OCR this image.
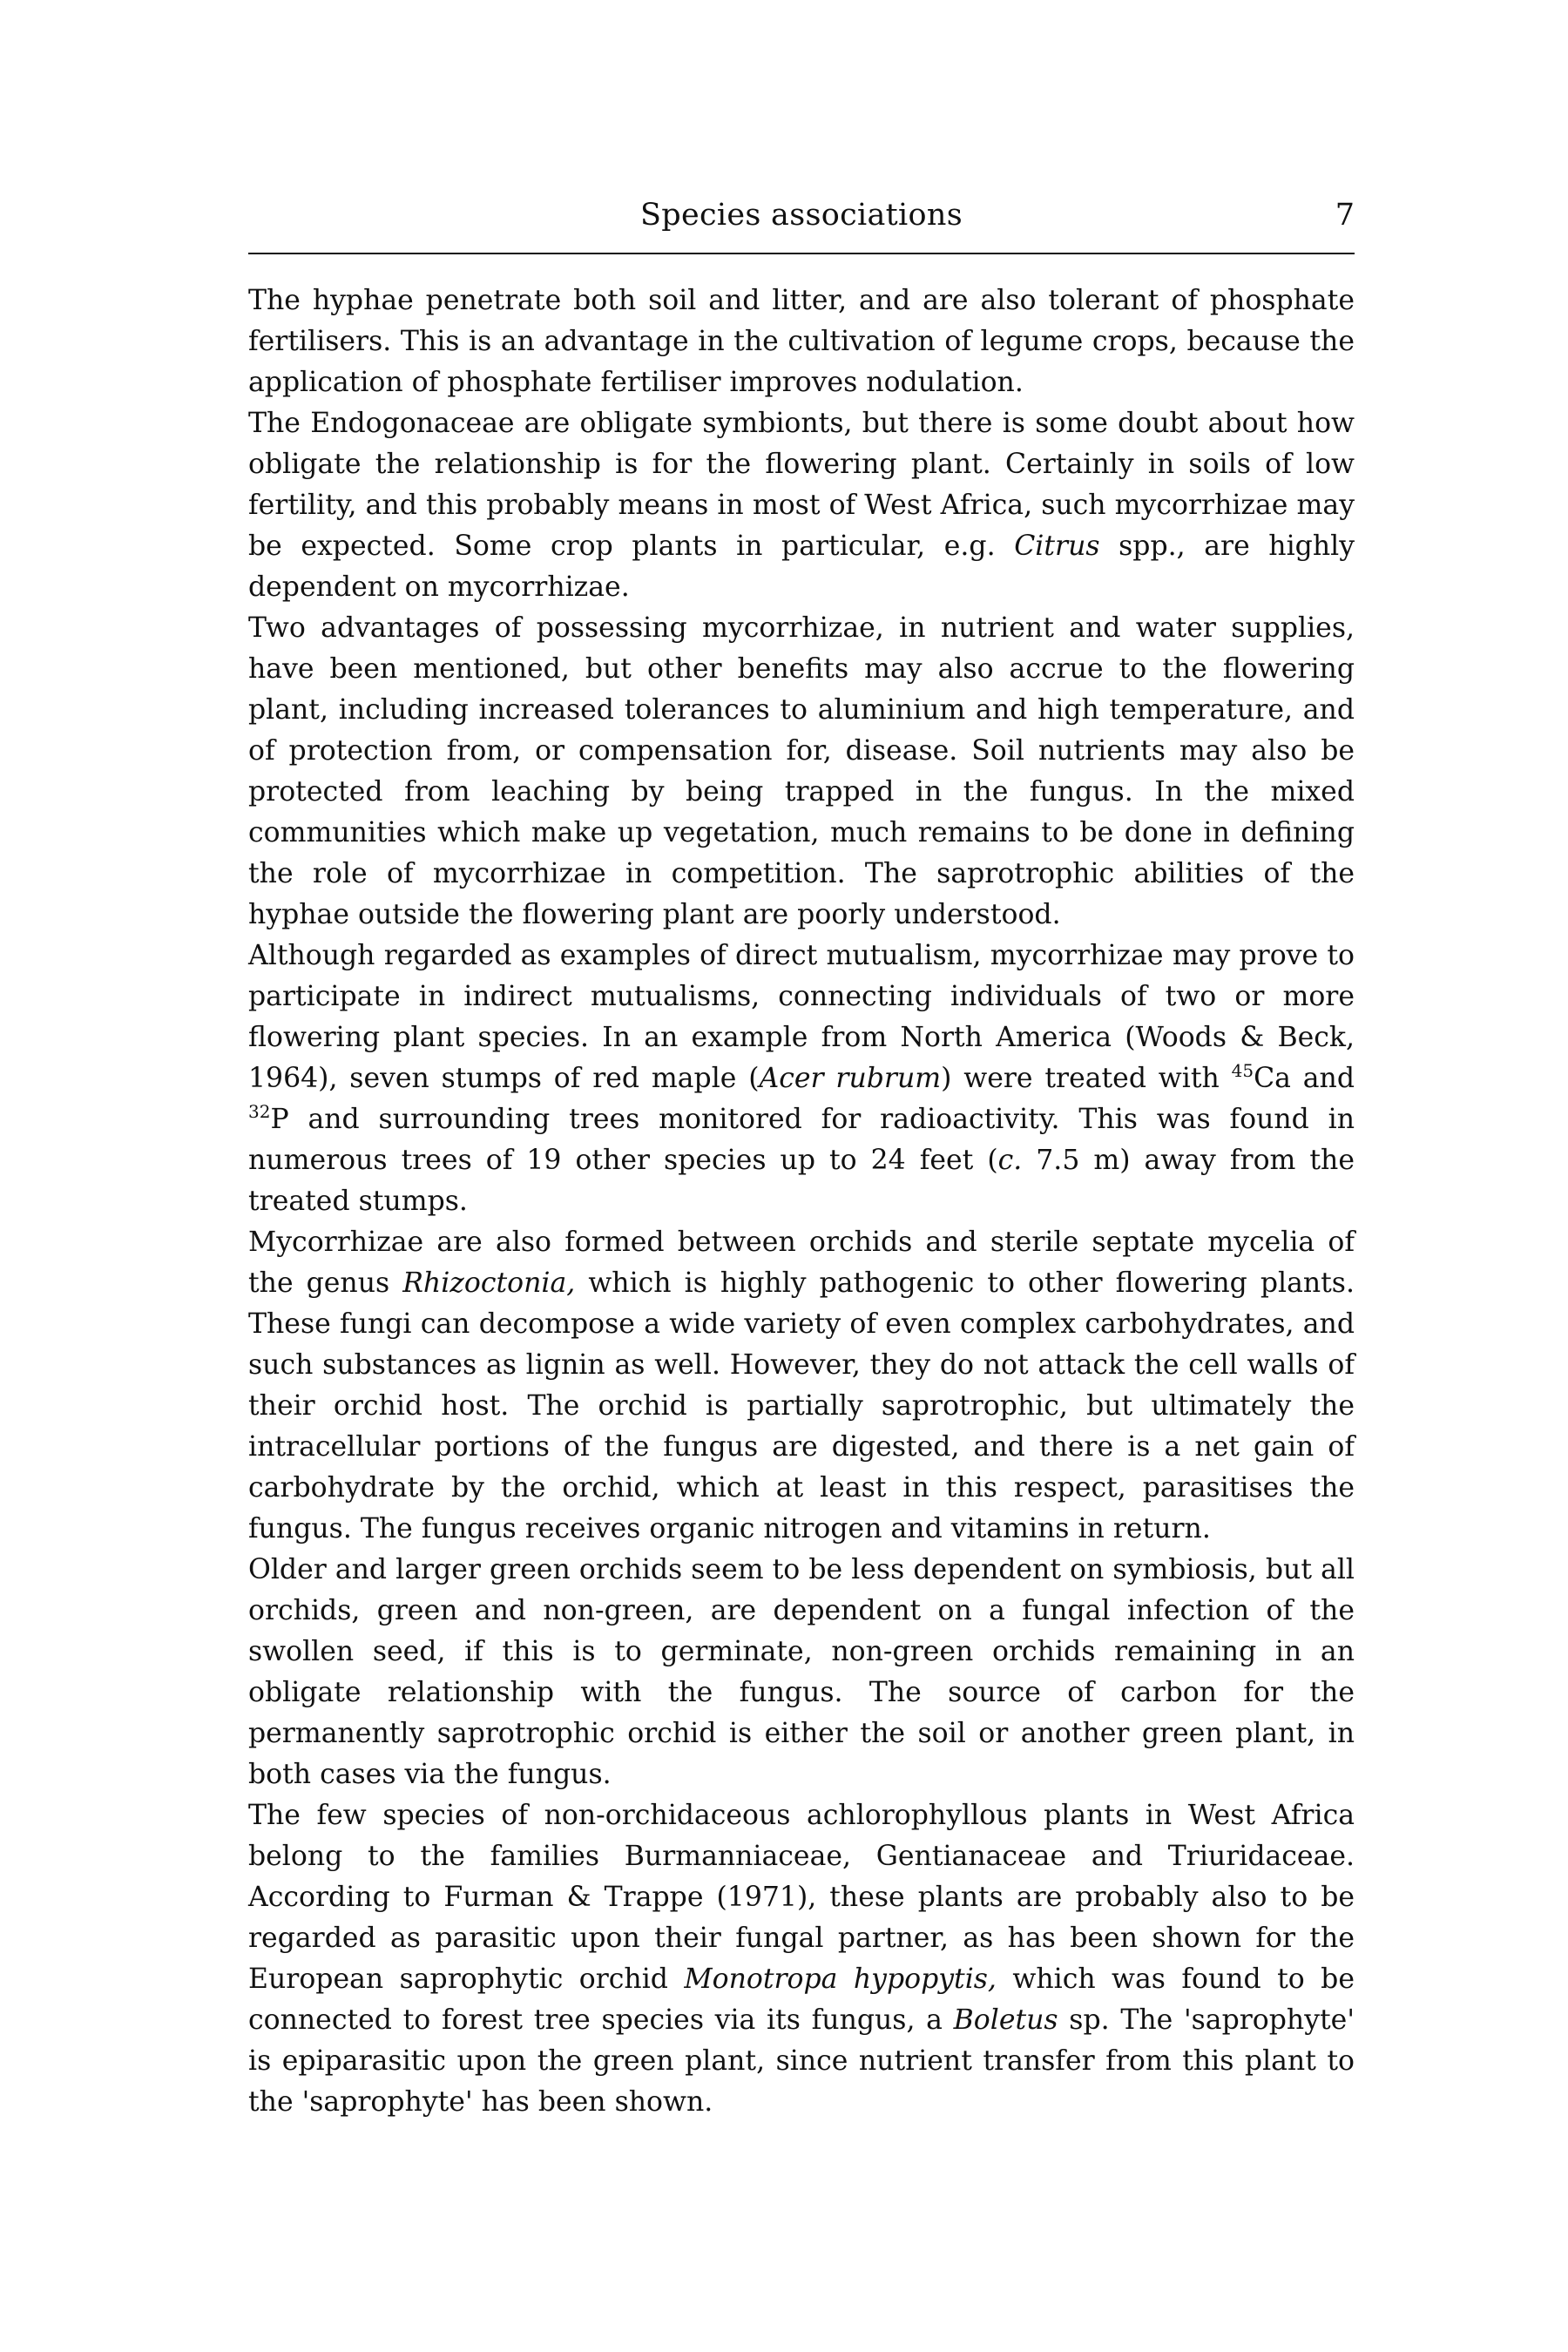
Species associations	7

The hyphae penetrate both soil and litter, and are also tolerant of phosphate fertilisers. This is an advantage in the cultivation of legume crops, because the application of phosphate fertiliser improves nodulation.

The Endogonaceae are obligate symbionts, but there is some doubt about how obligate the relationship is for the flowering plant. Certainly in soils of low fertility, and this probably means in most of West Africa, such mycorrhizae may be expected. Some crop plants in particular, e.g. Citrus spp., are highly dependent on mycorrhizae.

Two advantages of possessing mycorrhizae, in nutrient and water supplies, have been mentioned, but other benefits may also accrue to the flowering plant, including increased tolerances to aluminium and high temperature, and of protection from, or compensation for, disease. Soil nutrients may also be protected from leaching by being trapped in the fungus. In the mixed communities which make up vegetation, much remains to be done in defining the role of mycorrhizae in competition. The saprotrophic abilities of the hyphae outside the flowering plant are poorly understood.

Although regarded as examples of direct mutualism, mycorrhizae may prove to participate in indirect mutualisms, connecting individuals of two or more flowering plant species. In an example from North America (Woods & Beck, 1964), seven stumps of red maple (Acer rubrum) were treated with $^{45}$Ca and $^{32}$P and surrounding trees monitored for radioactivity. This was found in numerous trees of 19 other species up to 24 feet (c. 7.5 m) away from the treated stumps.

Mycorrhizae are also formed between orchids and sterile septate mycelia of the genus Rhizoctonia, which is highly pathogenic to other flowering plants. These fungi can decompose a wide variety of even complex carbohydrates, and such substances as lignin as well. However, they do not attack the cell walls of their orchid host. The orchid is partially saprotrophic, but ultimately the intracellular portions of the fungus are digested, and there is a net gain of carbohydrate by the orchid, which at least in this respect, parasitises the fungus. The fungus receives organic nitrogen and vitamins in return.

Older and larger green orchids seem to be less dependent on symbiosis, but all orchids, green and non-green, are dependent on a fungal infection of the swollen seed, if this is to germinate, non-green orchids remaining in an obligate relationship with the fungus. The source of carbon for the permanently saprotrophic orchid is either the soil or another green plant, in both cases via the fungus.

The few species of non-orchidaceous achlorophyllous plants in West Africa belong to the families Burmanniaceae, Gentianaceae and Triuridaceae. According to Furman & Trappe (1971), these plants are probably also to be regarded as parasitic upon their fungal partner, as has been shown for the European saprophytic orchid Monotropa hypopytis, which was found to be connected to forest tree species via its fungus, a Boletus sp. The 'saprophyte' is epiparasitic upon the green plant, since nutrient transfer from this plant to the 'saprophyte' has been shown.
